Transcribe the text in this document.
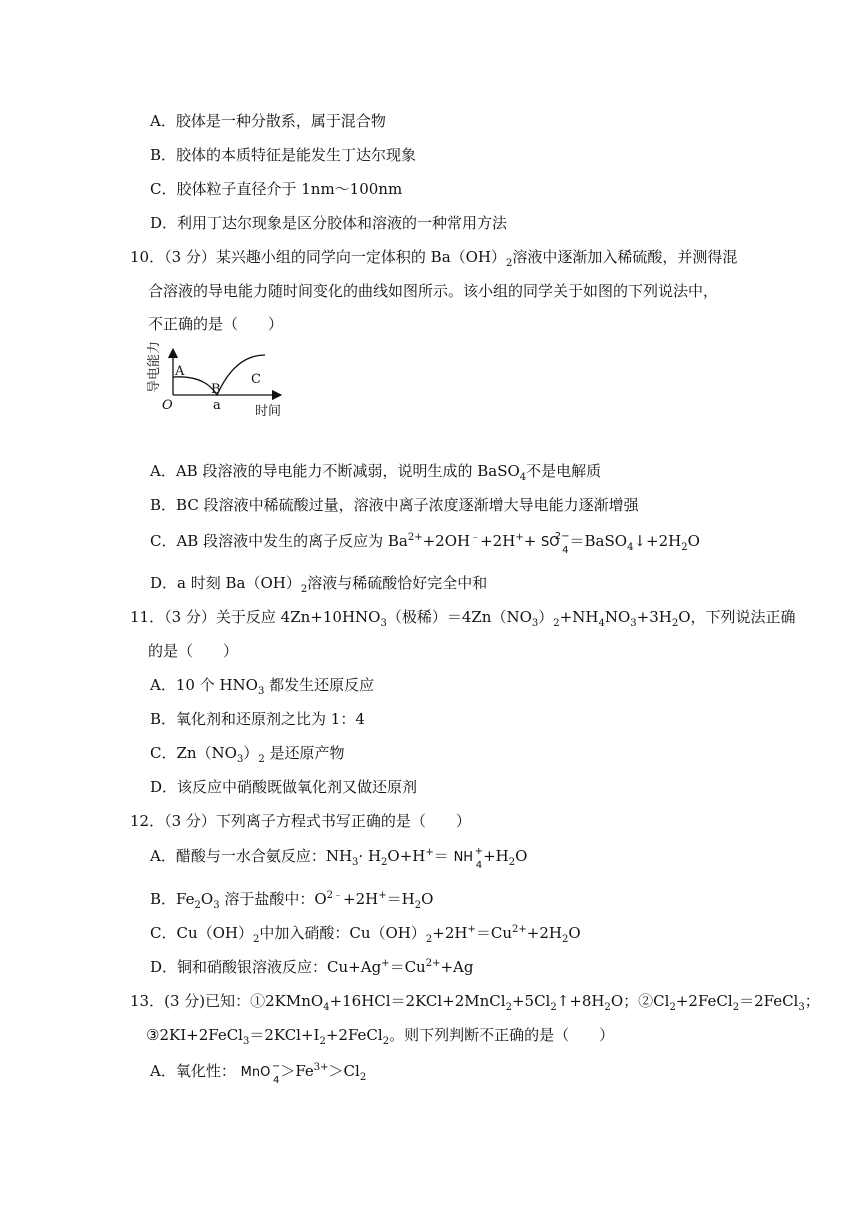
A．胶体是一种分散系，属于混合物
B．胶体的本质特征是能发生丁达尔现象
C．胶体粒子直径介于 1nm～100nm
D．利用丁达尔现象是区分胶体和溶液的一种常用方法
10．（3 分）某兴趣小组的同学向一定体积的 $Ba(OH)_2$溶液中逐渐加入稀硫酸，并测得混
合溶液的导电能力随时间变化的曲线如图所示。该小组的同学关于如图的下列说法中，
不正确的是（　　）
A
B
C
a
O	时间
导电能力
A．AB 段溶液的导电能力不断减弱，说明生成的 BaSO$_4$不是电解质
B．BC 段溶液中稀硫酸过量，溶液中离子浓度逐渐增大导电能力逐渐增强
C．AB 段溶液中发生的离子反应为 $Ba^{2+}+2OH^﹣+2H^++$ SO
2−
4
$=BaSO_4↓+2H_2O$
D．a 时刻 $Ba(OH)_2$溶液与稀硫酸恰好完全中和
11．（3 分）关于反应 $4Zn+10HNO_3$（极稀）$=4Zn(NO_3)_2+NH_4NO_3+3H_2O$，下列说法正确
的是（　　）
A．10 个 $HNO_3$ 都发生还原反应
B．氧化剂和还原剂之比为 1：4
C．$Zn(NO_3)_2$ 是还原产物
D．该反应中硝酸既做氧化剂又做还原剂
12．（3 分）下列离子方程式书写正确的是（　　）
A．醋酸与一水合氨反应：$NH_3\cdot H_2O+H^+=$ NH +
4
$+H_2O$
B．$Fe_2O_3$ 溶于盐酸中：$O^{2﹣}+2H^+=H_2O$
C．$Cu(OH)_2$中加入硝酸：$Cu(OH)_2+2H^+=Cu^{2+}+2H_2O$
D．铜和硝酸银溶液反应：$Cu+Ag^+=Cu^{2+}+Ag$
13．(3 分)已知：$①2KMnO_4+16HCl=2KCl+2MnCl_2+5Cl_2↑+8H_2O$；$②Cl_2+2FeCl_2=2FeCl_3$；
$③2KI+2FeCl_3=2KCl+I_2+2FeCl_2$。则下列判断不正确的是（　　）
A．氧化性： MnO −
4
$>Fe^{3+}>Cl_2$
